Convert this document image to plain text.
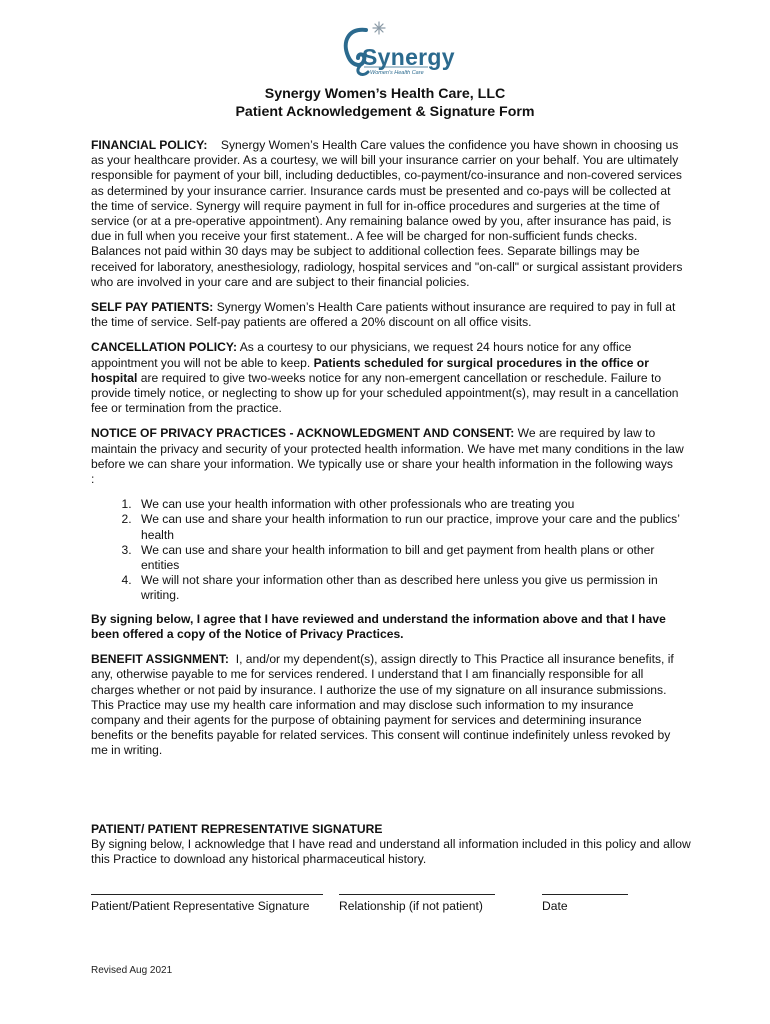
Synergy
Women's Health Care
Synergy Women’s Health Care, LLC
Patient Acknowledgement & Signature Form

FINANCIAL POLICY: Synergy Women’s Health Care values the confidence you have shown in choosing us as your healthcare provider. As a courtesy, we will bill your insurance carrier on your behalf. You are ultimately responsible for payment of your bill, including deductibles, co-payment/co-insurance and non-covered services as determined by your insurance carrier. Insurance cards must be presented and co-pays will be collected at the time of service. Synergy will require payment in full for in-office procedures and surgeries at the time of service (or at a pre-operative appointment). Any remaining balance owed by you, after insurance has paid, is due in full when you receive your first statement.. A fee will be charged for non-sufficient funds checks. Balances not paid within 30 days may be subject to additional collection fees. Separate billings may be received for laboratory, anesthesiology, radiology, hospital services and "on-call" or surgical assistant providers who are involved in your care and are subject to their financial policies.

SELF PAY PATIENTS: Synergy Women’s Health Care patients without insurance are required to pay in full at the time of service. Self-pay patients are offered a 20% discount on all office visits.

CANCELLATION POLICY: As a courtesy to our physicians, we request 24 hours notice for any office appointment you will not be able to keep. Patients scheduled for surgical procedures in the office or hospital are required to give two-weeks notice for any non-emergent cancellation or reschedule. Failure to provide timely notice, or neglecting to show up for your scheduled appointment(s), may result in a cancellation fee or termination from the practice.

NOTICE OF PRIVACY PRACTICES - ACKNOWLEDGMENT AND CONSENT: We are required by law to maintain the privacy and security of your protected health information. We have met many conditions in the law before we can share your information. We typically use or share your health information in the following ways

:

1. We can use your health information with other professionals who are treating you
2. We can use and share your health information to run our practice, improve your care and the publics’ health
3. We can use and share your health information to bill and get payment from health plans or other entities
4. We will not share your information other than as described here unless you give us permission in writing.

By signing below, I agree that I have reviewed and understand the information above and that I have been offered a copy of the Notice of Privacy Practices.

BENEFIT ASSIGNMENT: I, and/or my dependent(s), assign directly to This Practice all insurance benefits, if any, otherwise payable to me for services rendered. I understand that I am financially responsible for all charges whether or not paid by insurance. I authorize the use of my signature on all insurance submissions. This Practice may use my health care information and may disclose such information to my insurance company and their agents for the purpose of obtaining payment for services and determining insurance benefits or the benefits payable for related services. This consent will continue indefinitely unless revoked by me in writing.

PATIENT/ PATIENT REPRESENTATIVE SIGNATURE
By signing below, I acknowledge that I have read and understand all information included in this policy and allow this Practice to download any historical pharmaceutical history.
Patient/Patient Representative Signature	Relationship (if not patient)	Date
Revised Aug 2021
